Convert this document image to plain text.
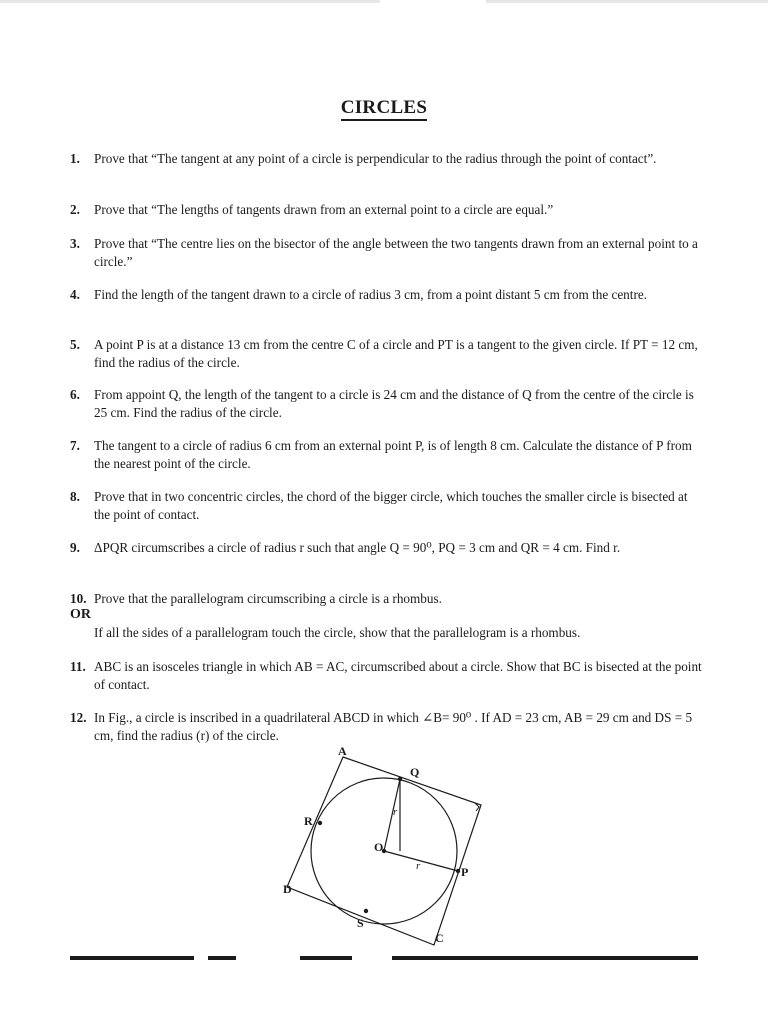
CIRCLES
1. Prove that “The tangent at any point of a circle is perpendicular to the radius through the point of contact”.
2. Prove that “The lengths of tangents drawn from an external point to a circle are equal.”
3. Prove that “The centre lies on the bisector of the angle between the two tangents drawn from an external point to a circle.”
4. Find the length of the tangent drawn to a circle of radius 3 cm, from a point distant 5 cm from the centre.
5. A point P is at a distance 13 cm from the centre C of a circle and PT is a tangent to the given circle. If PT = 12 cm, find the radius of the circle.
6. From appoint Q, the length of the tangent to a circle is 24 cm and the distance of Q from the centre of the circle is 25 cm. Find the radius of the circle.
7. The tangent to a circle of radius 6 cm from an external point P, is of length 8 cm. Calculate the distance of P from the nearest point of the circle.
8. Prove that in two concentric circles, the chord of the bigger circle, which touches the smaller circle is bisected at the point of contact.
9. ΔPQR circumscribes a circle of radius r such that angle Q = 90⁰, PQ = 3 cm and QR = 4 cm. Find r.
10. Prove that the parallelogram circumscribing a circle is a rhombus.
OR
If all the sides of a parallelogram touch the circle, show that the parallelogram is a rhombus.
11. ABC is an isosceles triangle in which AB = AC, circumscribed about a circle. Show that BC is bisected at the point of contact.
12. In Fig., a circle is inscribed in a quadrilateral ABCD in which ∠B= 90⁰ . If AD = 23 cm, AB = 29 cm and DS = 5 cm, find the radius (r) of the circle.
A
Q
R
O
P
D
S
C
r
r
